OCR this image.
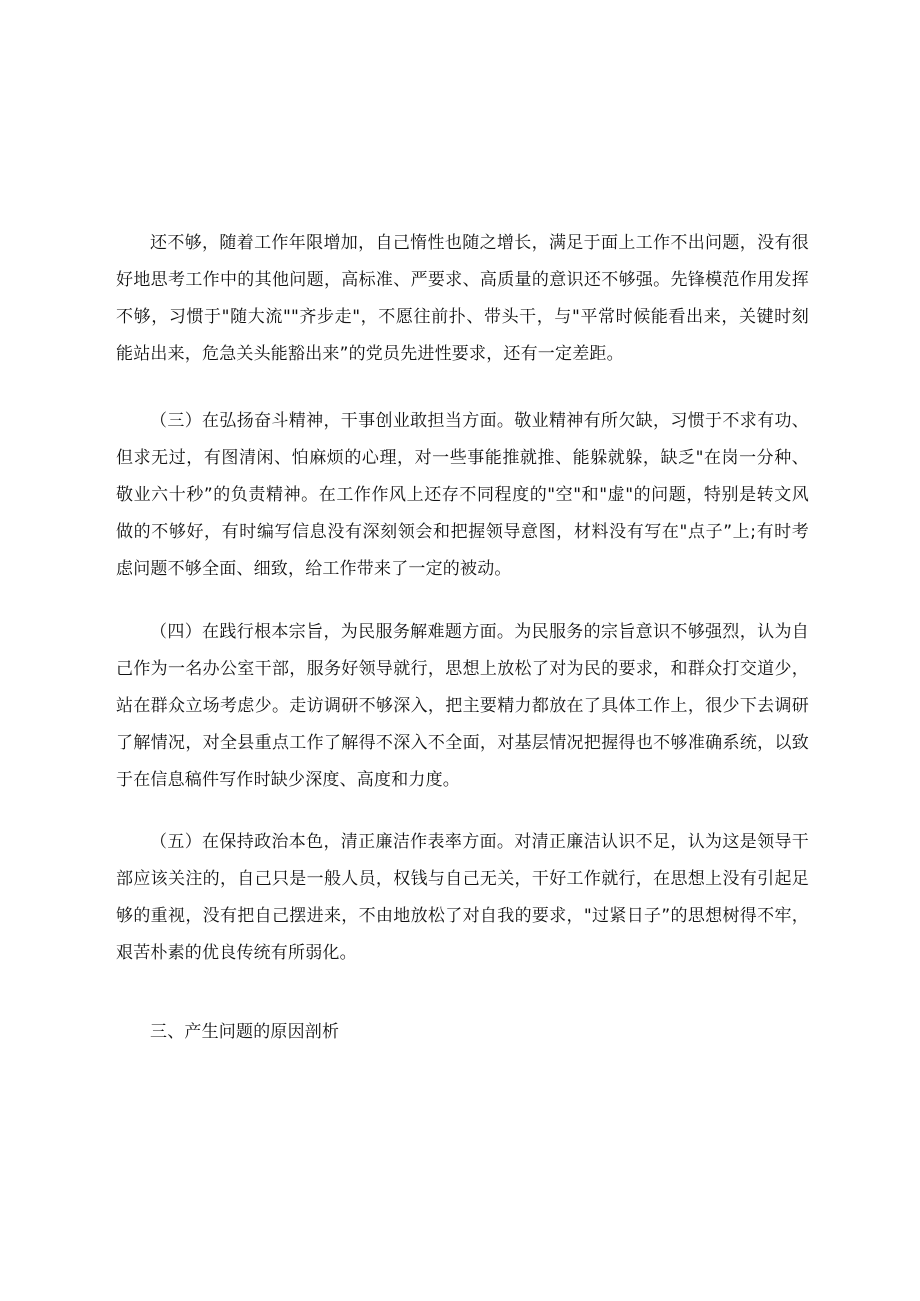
还不够，随着工作年限增加，自己惰性也随之增长，满足于面上工作不出问题，没有很好地思考工作中的其他问题，高标准、严要求、高质量的意识还不够强。先锋模范作用发挥不够，习惯于"随大流""齐步走"，不愿往前扑、带头干，与"平常时候能看出来，关键时刻能站出来，危急关头能豁出来”的党员先进性要求，还有一定差距。

（三）在弘扬奋斗精神，干事创业敢担当方面。敬业精神有所欠缺，习惯于不求有功、但求无过，有图清闲、怕麻烦的心理，对一些事能推就推、能躲就躲，缺乏"在岗一分种、敬业六十秒”的负责精神。在工作作风上还存不同程度的"空"和"虚"的问题，特别是转文风做的不够好，有时编写信息没有深刻领会和把握领导意图，材料没有写在"点子”上;有时考虑问题不够全面、细致，给工作带来了一定的被动。

（四）在践行根本宗旨，为民服务解难题方面。为民服务的宗旨意识不够强烈，认为自己作为一名办公室干部，服务好领导就行，思想上放松了对为民的要求，和群众打交道少，站在群众立场考虑少。走访调研不够深入，把主要精力都放在了具体工作上，很少下去调研了解情况，对全县重点工作了解得不深入不全面，对基层情况把握得也不够准确系统，以致于在信息稿件写作时缺少深度、高度和力度。

（五）在保持政治本色，清正廉洁作表率方面。对清正廉洁认识不足，认为这是领导干部应该关注的，自己只是一般人员，权钱与自己无关，干好工作就行，在思想上没有引起足够的重视，没有把自己摆进来，不由地放松了对自我的要求，"过紧日子”的思想树得不牢，艰苦朴素的优良传统有所弱化。

三、产生问题的原因剖析
